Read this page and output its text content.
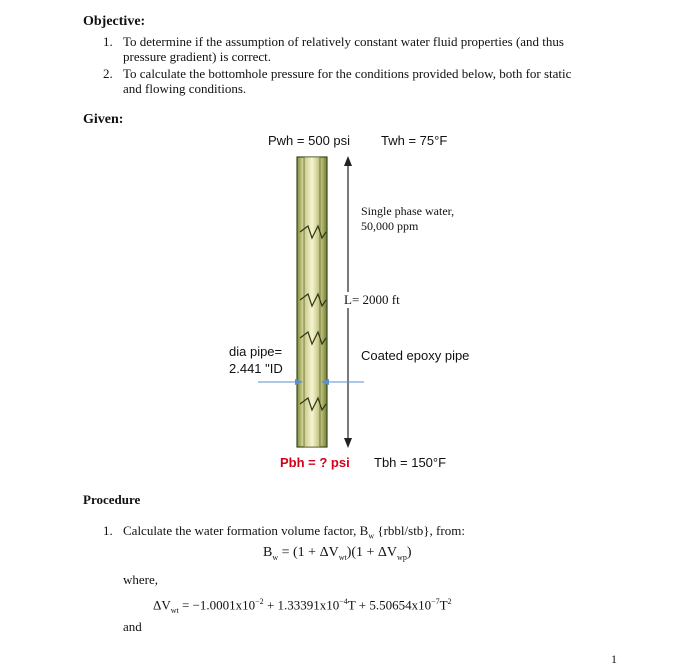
Objective:
1. To determine if the assumption of relatively constant water fluid properties (and thus
pressure gradient) is correct.
2. To calculate the bottomhole pressure for the conditions provided below, both for static
and flowing conditions.
Given:
Pwh = 500 psi Twh = 75°F
Single phase water,
50,000 ppm
L= 2000 ft
dia pipe=
2.441 "ID
Coated epoxy pipe
Pbh = ? psi Tbh = 150°F
Procedure
1. Calculate the water formation volume factor, $B_w$ {rbbl/stb}, from:
$B_w = (1 + \Delta V_{wt})(1 + \Delta V_{wp})$
where,
$\Delta V_{wt} = -1.0001x10^{-2} + 1.33391x10^{-4}T + 5.50654x10^{-7}T^2$
and
1
